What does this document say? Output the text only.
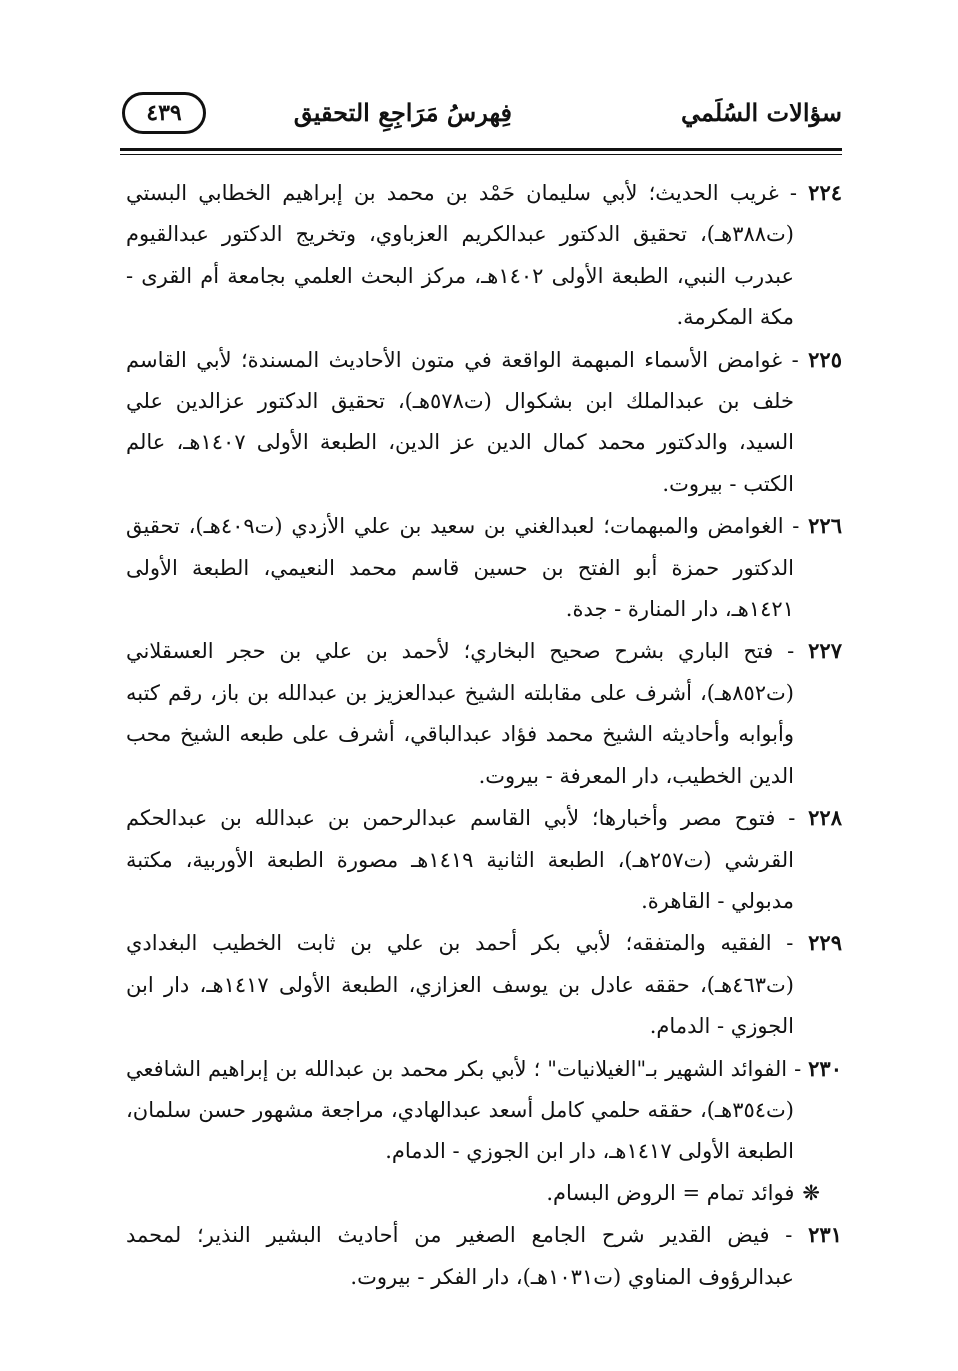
سؤالات السُلَمي
فِهرسُ مَرَاجِعِ التحقيق
٤٣٩

٢٢٤ - غريب الحديث؛ لأبي سليمان حَمْد بن محمد بن إبراهيم الخطابي البستي (ت٣٨٨هـ)، تحقيق الدكتور عبدالكريم العزباوي، وتخريج الدكتور عبدالقيوم عبدرب النبي، الطبعة الأولى ١٤٠٢هـ، مركز البحث العلمي بجامعة أم القرى - مكة المكرمة.

٢٢٥ - غوامض الأسماء المبهمة الواقعة في متون الأحاديث المسندة؛ لأبي القاسم خلف بن عبدالملك ابن بشكوال (ت٥٧٨هـ)، تحقيق الدكتور عزالدين علي السيد، والدكتور محمد كمال الدين عز الدين، الطبعة الأولى ١٤٠٧هـ، عالم الكتب - بيروت.

٢٢٦ - الغوامض والمبهمات؛ لعبدالغني بن سعيد بن علي الأزدي (ت٤٠٩هـ)، تحقيق الدكتور حمزة أبو الفتح بن حسين قاسم محمد النعيمي، الطبعة الأولى ١٤٢١هـ، دار المنارة - جدة.

٢٢٧ - فتح الباري بشرح صحيح البخاري؛ لأحمد بن علي بن حجر العسقلاني (ت٨٥٢هـ)، أشرف على مقابلته الشيخ عبدالعزيز بن عبدالله بن باز، رقم كتبه وأبوابه وأحاديثه الشيخ محمد فؤاد عبدالباقي، أشرف على طبعه الشيخ محب الدين الخطيب، دار المعرفة - بيروت.

٢٢٨ - فتوح مصر وأخبارها؛ لأبي القاسم عبدالرحمن بن عبدالله بن عبدالحكم القرشي (ت٢٥٧هـ)، الطبعة الثانية ١٤١٩هـ مصورة الطبعة الأوربية، مكتبة مدبولي - القاهرة.

٢٢٩ - الفقيه والمتفقه؛ لأبي بكر أحمد بن علي بن ثابت الخطيب البغدادي (ت٤٦٣هـ)، حققه عادل بن يوسف العزازي، الطبعة الأولى ١٤١٧هـ، دار ابن الجوزي - الدمام.

٢٣٠ - الفوائد الشهير بـ"الغيلانيات" ؛ لأبي بكر محمد بن عبدالله بن إبراهيم الشافعي (ت٣٥٤هـ)، حققه حلمي كامل أسعد عبدالهادي، مراجعة مشهور حسن سلمان، الطبعة الأولى ١٤١٧هـ، دار ابن الجوزي - الدمام.

❋فوائد تمام = الروض البسام.

٢٣١ - فيض القدير شرح الجامع الصغير من أحاديث البشير النذير؛ لمحمد عبدالرؤوف المناوي (ت١٠٣١هـ)، دار الفكر - بيروت.
